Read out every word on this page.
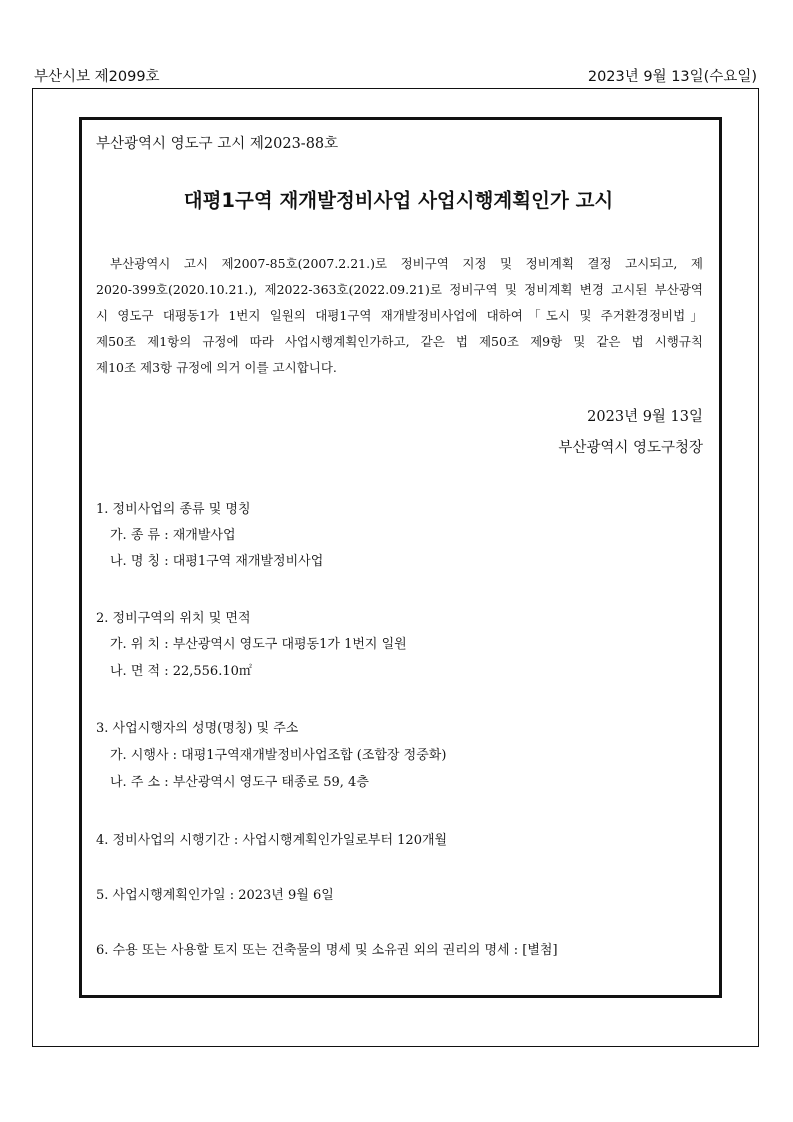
부산시보 제2099호	2023년 9월 13일(수요일)
부산광역시 영도구 고시 제2023-88호
대평1구역 재개발정비사업 사업시행계획인가 고시
부산광역시 고시 제2007-85호(2007.2.21.)로 정비구역 지정 및 정비계획 결정 고시되고, 제
2020-399호(2020.10.21.), 제2022-363호(2022.09.21)로 정비구역 및 정비계획 변경 고시된 부산광역
시 영도구 대평동1가 1번지 일원의 대평1구역 재개발정비사업에 대하여「도시 및 주거환경정비법」
제50조 제1항의 규정에 따라 사업시행계획인가하고, 같은 법 제50조 제9항 및 같은 법 시행규칙
제10조 제3항 규정에 의거 이를 고시합니다.
2023년 9월 13일
부산광역시 영도구청장
1. 정비사업의 종류 및 명칭
가. 종 류 : 재개발사업
나. 명 칭 : 대평1구역 재개발정비사업
2. 정비구역의 위치 및 면적
가. 위 치 : 부산광역시 영도구 대평동1가 1번지 일원
나. 면 적 : 22,556.10㎡
3. 사업시행자의 성명(명칭) 및 주소
가. 시행사 : 대평1구역재개발정비사업조합 (조합장 정중화)
나. 주 소 : 부산광역시 영도구 태종로 59, 4층
4. 정비사업의 시행기간 : 사업시행계획인가일로부터 120개월
5. 사업시행계획인가일 : 2023년 9월 6일
6. 수용 또는 사용할 토지 또는 건축물의 명세 및 소유권 외의 권리의 명세 : [별첨]
